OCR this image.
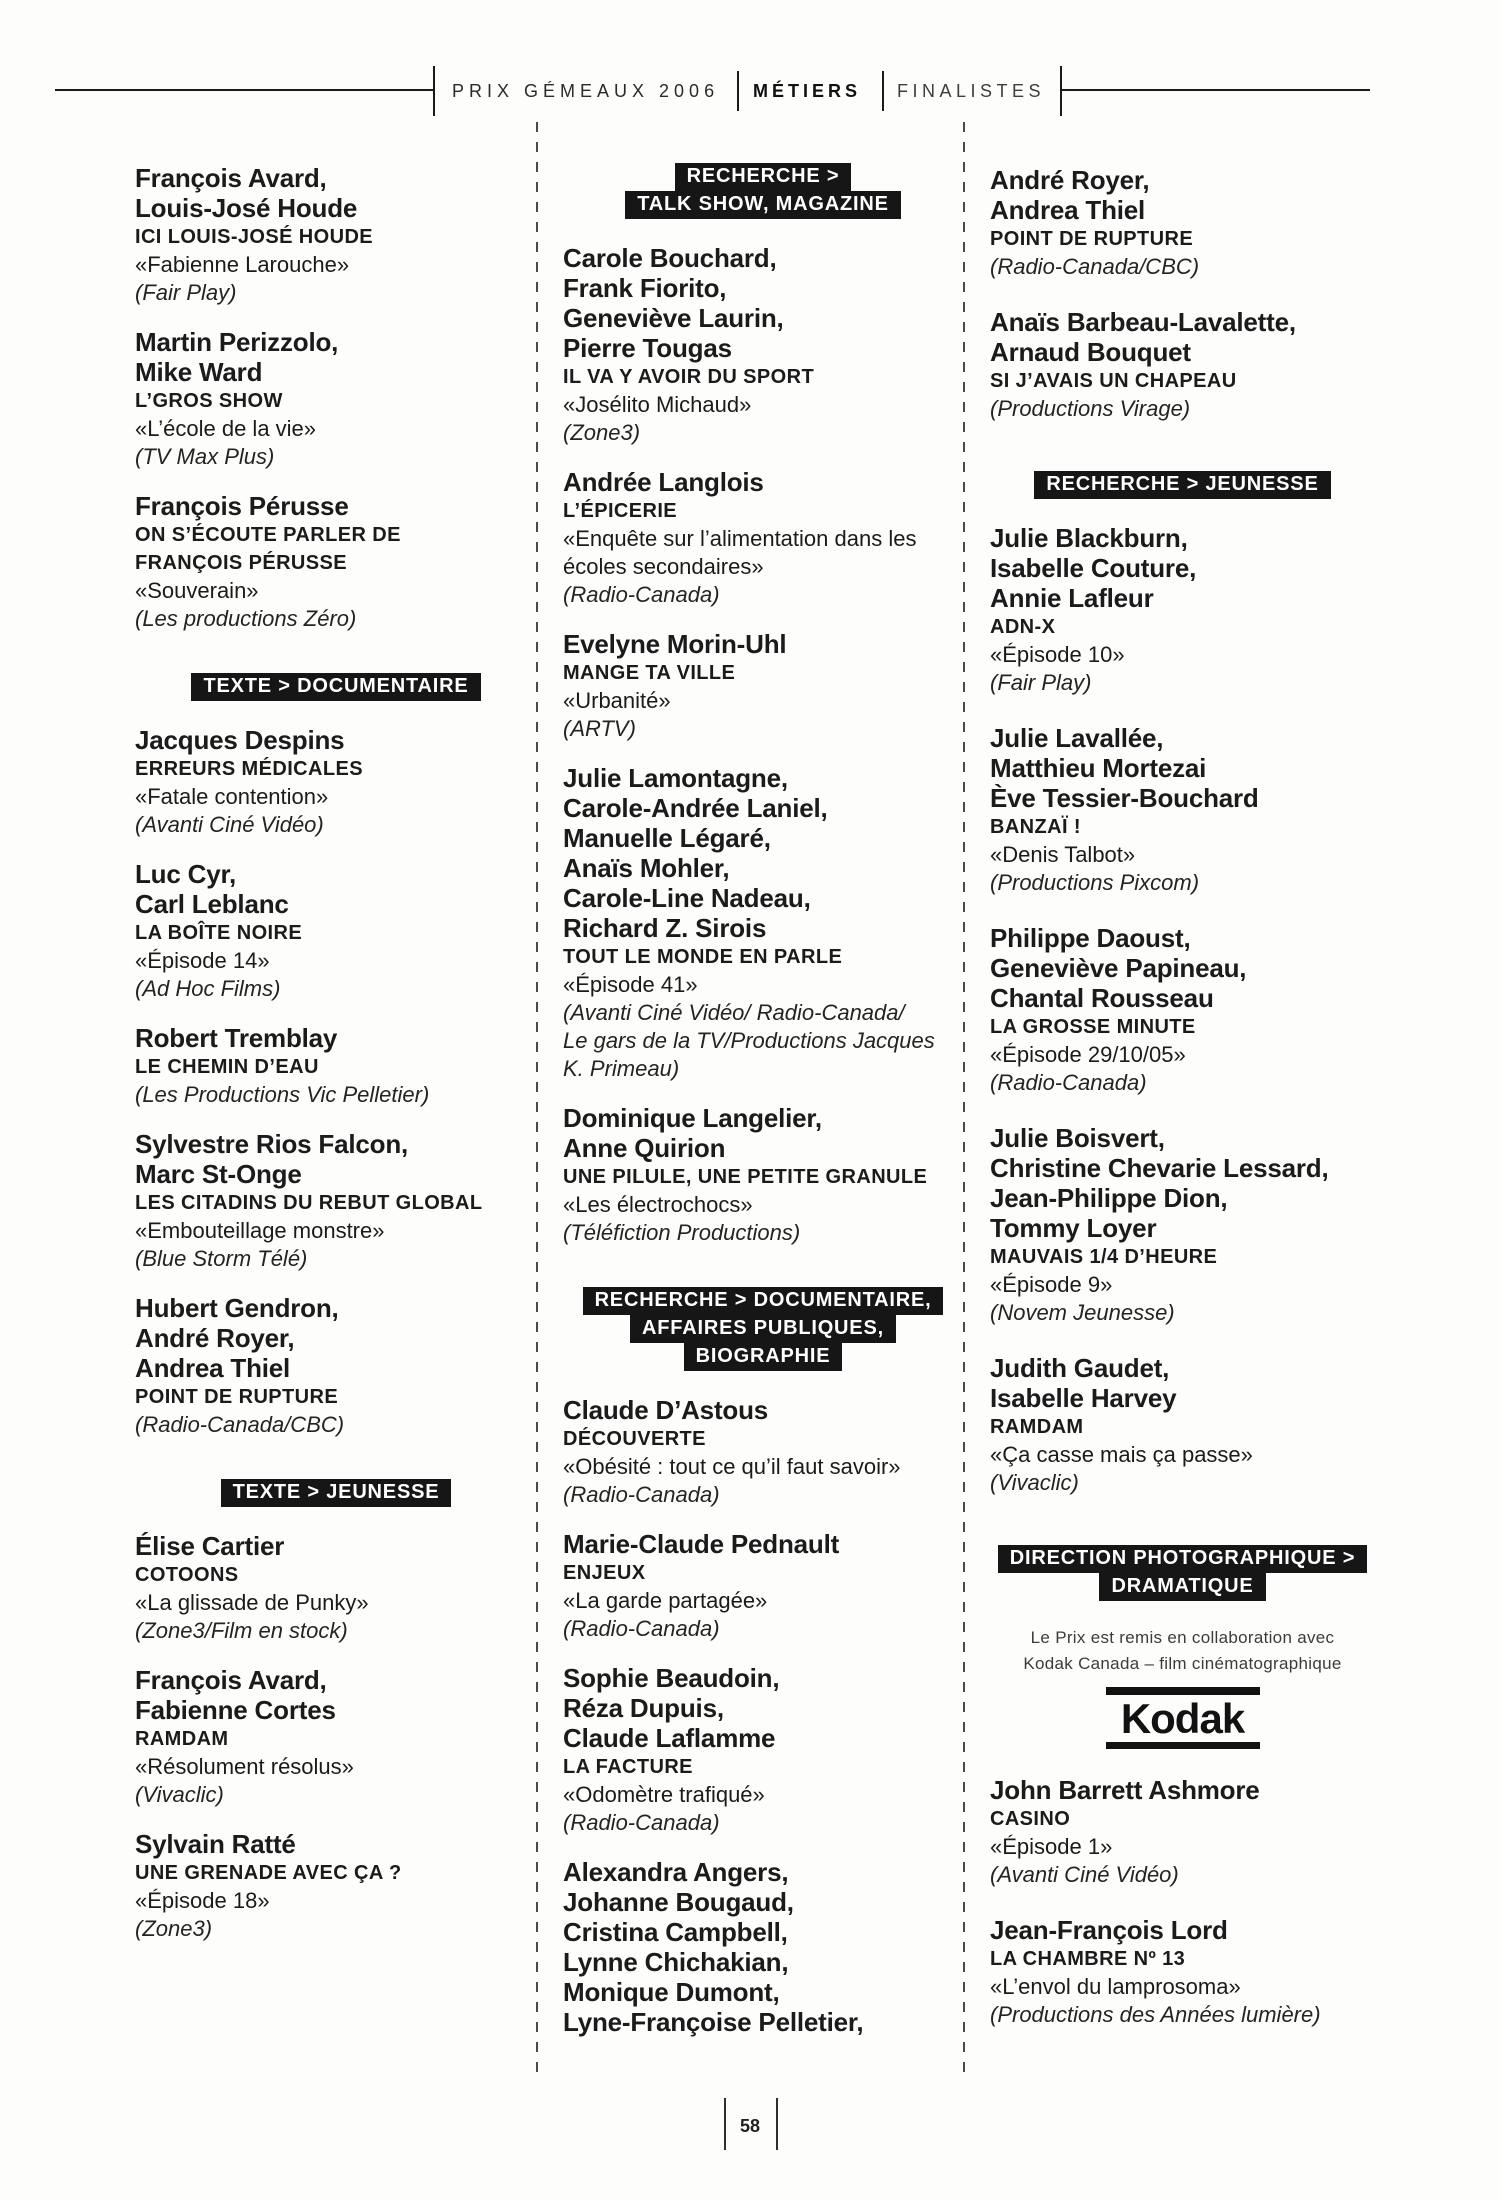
PRIX GÉMEAUX 2006 MÉTIERS FINALISTES
François Avard,
Louis-José Houde
ICI LOUIS-JOSÉ HOUDE
«Fabienne Larouche»
(Fair Play)
Martin Perizzolo,
Mike Ward
L’GROS SHOW
«L’école de la vie»
(TV Max Plus)
François Pérusse
ON S’ÉCOUTE PARLER DE
FRANÇOIS PÉRUSSE
«Souverain»
(Les productions Zéro)
TEXTE > DOCUMENTAIRE
Jacques Despins
ERREURS MÉDICALES
«Fatale contention»
(Avanti Ciné Vidéo)
Luc Cyr,
Carl Leblanc
LA BOÎTE NOIRE
«Épisode 14»
(Ad Hoc Films)
Robert Tremblay
LE CHEMIN D’EAU
(Les Productions Vic Pelletier)
Sylvestre Rios Falcon,
Marc St-Onge
LES CITADINS DU REBUT GLOBAL
«Embouteillage monstre»
(Blue Storm Télé)
Hubert Gendron,
André Royer,
Andrea Thiel
POINT DE RUPTURE
(Radio-Canada/CBC)
TEXTE > JEUNESSE
Élise Cartier
COTOONS
«La glissade de Punky»
(Zone3/Film en stock)
François Avard,
Fabienne Cortes
RAMDAM
«Résolument résolus»
(Vivaclic)
Sylvain Ratté
UNE GRENADE AVEC ÇA ?
«Épisode 18»
(Zone3)
RECHERCHE >
TALK SHOW, MAGAZINE
Carole Bouchard,
Frank Fiorito,
Geneviève Laurin,
Pierre Tougas
IL VA Y AVOIR DU SPORT
«Josélito Michaud»
(Zone3)
Andrée Langlois
L’ÉPICERIE
«Enquête sur l’alimentation dans les
écoles secondaires»
(Radio-Canada)
Evelyne Morin-Uhl
MANGE TA VILLE
«Urbanité»
(ARTV)
Julie Lamontagne,
Carole-Andrée Laniel,
Manuelle Légaré,
Anaïs Mohler,
Carole-Line Nadeau,
Richard Z. Sirois
TOUT LE MONDE EN PARLE
«Épisode 41»
(Avanti Ciné Vidéo/ Radio-Canada/
Le gars de la TV/Productions Jacques
K. Primeau)
Dominique Langelier,
Anne Quirion
UNE PILULE, UNE PETITE GRANULE
«Les électrochocs»
(Téléfiction Productions)
RECHERCHE > DOCUMENTAIRE,
AFFAIRES PUBLIQUES,
BIOGRAPHIE
Claude D’Astous
DÉCOUVERTE
«Obésité : tout ce qu’il faut savoir»
(Radio-Canada)
Marie-Claude Pednault
ENJEUX
«La garde partagée»
(Radio-Canada)
Sophie Beaudoin,
Réza Dupuis,
Claude Laflamme
LA FACTURE
«Odomètre trafiqué»
(Radio-Canada)
Alexandra Angers,
Johanne Bougaud,
Cristina Campbell,
Lynne Chichakian,
Monique Dumont,
Lyne-Françoise Pelletier,
André Royer,
Andrea Thiel
POINT DE RUPTURE
(Radio-Canada/CBC)
Anaïs Barbeau-Lavalette,
Arnaud Bouquet
SI J’AVAIS UN CHAPEAU
(Productions Virage)
RECHERCHE > JEUNESSE
Julie Blackburn,
Isabelle Couture,
Annie Lafleur
ADN-X
«Épisode 10»
(Fair Play)
Julie Lavallée,
Matthieu Mortezai
Ève Tessier-Bouchard
BANZAÏ !
«Denis Talbot»
(Productions Pixcom)
Philippe Daoust,
Geneviève Papineau,
Chantal Rousseau
LA GROSSE MINUTE
«Épisode 29/10/05»
(Radio-Canada)
Julie Boisvert,
Christine Chevarie Lessard,
Jean-Philippe Dion,
Tommy Loyer
MAUVAIS 1/4 D’HEURE
«Épisode 9»
(Novem Jeunesse)
Judith Gaudet,
Isabelle Harvey
RAMDAM
«Ça casse mais ça passe»
(Vivaclic)
DIRECTION PHOTOGRAPHIQUE >
DRAMATIQUE
Le Prix est remis en collaboration avec
Kodak Canada – film cinématographique
Kodak
John Barrett Ashmore
CASINO
«Épisode 1»
(Avanti Ciné Vidéo)
Jean-François Lord
LA CHAMBRE Nº 13
«L’envol du lamprosoma»
(Productions des Années lumière)
58
